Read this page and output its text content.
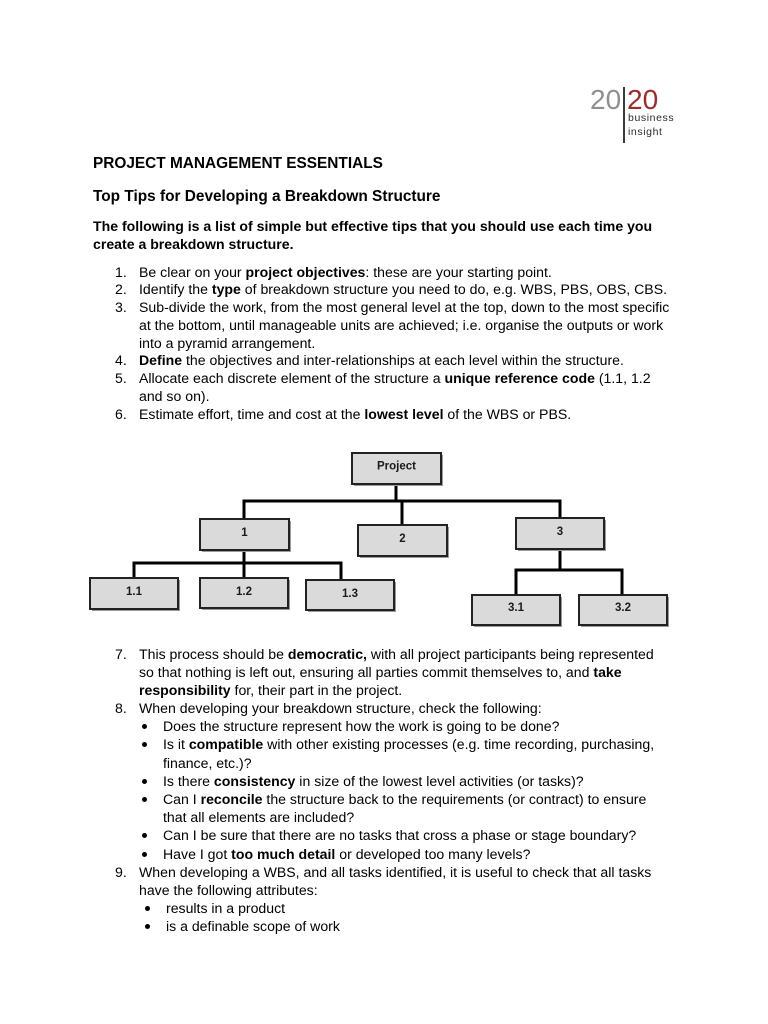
20 20
business
insight
PROJECT MANAGEMENT ESSENTIALS
Top Tips for Developing a Breakdown Structure
The following is a list of simple but effective tips that you should use each time you
create a breakdown structure.
1. Be clear on your project objectives: these are your starting point.
2. Identify the type of breakdown structure you need to do, e.g. WBS, PBS, OBS, CBS.
3. Sub-divide the work, from the most general level at the top, down to the most specific
at the bottom, until manageable units are achieved; i.e. organise the outputs or work
into a pyramid arrangement.
4. Define the objectives and inter-relationships at each level within the structure.
5. Allocate each discrete element of the structure a unique reference code (1.1, 1.2
and so on).
6. Estimate effort, time and cost at the lowest level of the WBS or PBS.
Project
1	2
3
1.1	1.2	1.3
3.1	3.2
7. This process should be democratic, with all project participants being represented
so that nothing is left out, ensuring all parties commit themselves to, and take
responsibility for, their part in the project.
8. When developing your breakdown structure, check the following:
Does the structure represent how the work is going to be done?
Is it compatible with other existing processes (e.g. time recording, purchasing,
finance, etc.)?
Is there consistency in size of the lowest level activities (or tasks)?
Can I reconcile the structure back to the requirements (or contract) to ensure
that all elements are included?
Can I be sure that there are no tasks that cross a phase or stage boundary?
Have I got too much detail or developed too many levels?
9. When developing a WBS, and all tasks identified, it is useful to check that all tasks
have the following attributes:
results in a product
is a definable scope of work
